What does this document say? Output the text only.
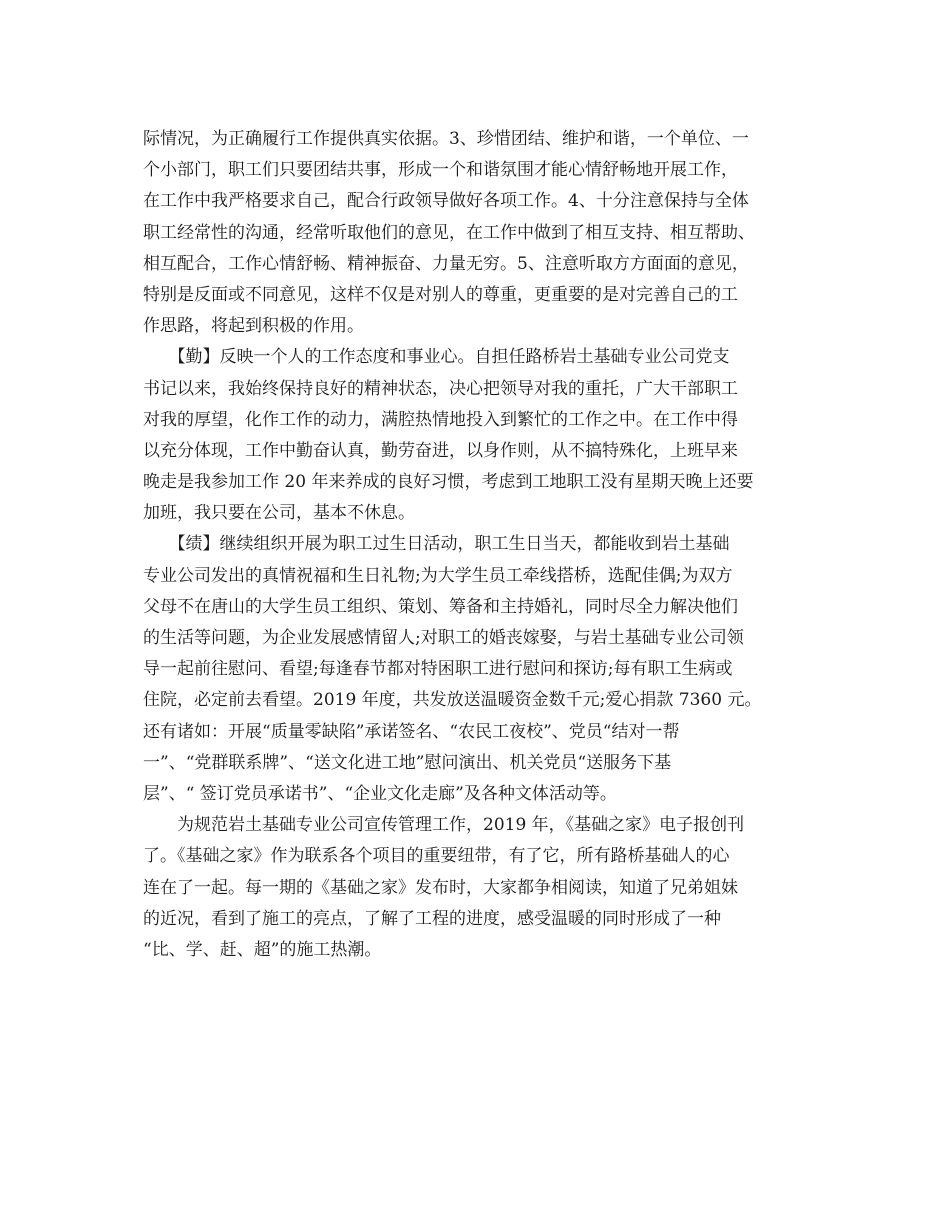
际情况，为正确履行工作提供真实依据。3、珍惜团结、维护和谐，一个单位、一
个小部门，职工们只要团结共事，形成一个和谐氛围才能心情舒畅地开展工作，
在工作中我严格要求自己，配合行政领导做好各项工作。4、十分注意保持与全体
职工经常性的沟通，经常听取他们的意见，在工作中做到了相互支持、相互帮助、
相互配合，工作心情舒畅、精神振奋、力量无穷。5、注意听取方方面面的意见，
特别是反面或不同意见，这样不仅是对别人的尊重，更重要的是对完善自己的工
作思路，将起到积极的作用。
　　【勤】反映一个人的工作态度和事业心。自担任路桥岩土基础专业公司党支
书记以来，我始终保持良好的精神状态，决心把领导对我的重托，广大干部职工
对我的厚望，化作工作的动力，满腔热情地投入到繁忙的工作之中。在工作中得
以充分体现，工作中勤奋认真，勤劳奋进，以身作则，从不搞特殊化，上班早来
晚走是我参加工作 20 年来养成的良好习惯，考虑到工地职工没有星期天晚上还要
加班，我只要在公司，基本不休息。
　　【绩】继续组织开展为职工过生日活动，职工生日当天，都能收到岩土基础
专业公司发出的真情祝福和生日礼物;为大学生员工牵线搭桥，选配佳偶;为双方
父母不在唐山的大学生员工组织、策划、筹备和主持婚礼，同时尽全力解决他们
的生活等问题，为企业发展感情留人;对职工的婚丧嫁娶，与岩土基础专业公司领
导一起前往慰问、看望;每逢春节都对特困职工进行慰问和探访;每有职工生病或
住院，必定前去看望。2019 年度，共发放送温暖资金数千元;爱心捐款 7360 元。
还有诸如：开展“质量零缺陷”承诺签名、“农民工夜校”、党员“结对一帮
一”、“党群联系牌”、“送文化进工地”慰问演出、机关党员“送服务下基
层”、“ 签订党员承诺书”、“企业文化走廊”及各种文体活动等。
　　为规范岩土基础专业公司宣传管理工作，2019 年，《基础之家》电子报创刊
了。《基础之家》作为联系各个项目的重要纽带，有了它，所有路桥基础人的心
连在了一起。每一期的《基础之家》发布时，大家都争相阅读，知道了兄弟姐妹
的近况，看到了施工的亮点，了解了工程的进度，感受温暖的同时形成了一种
“比、学、赶、超”的施工热潮。
